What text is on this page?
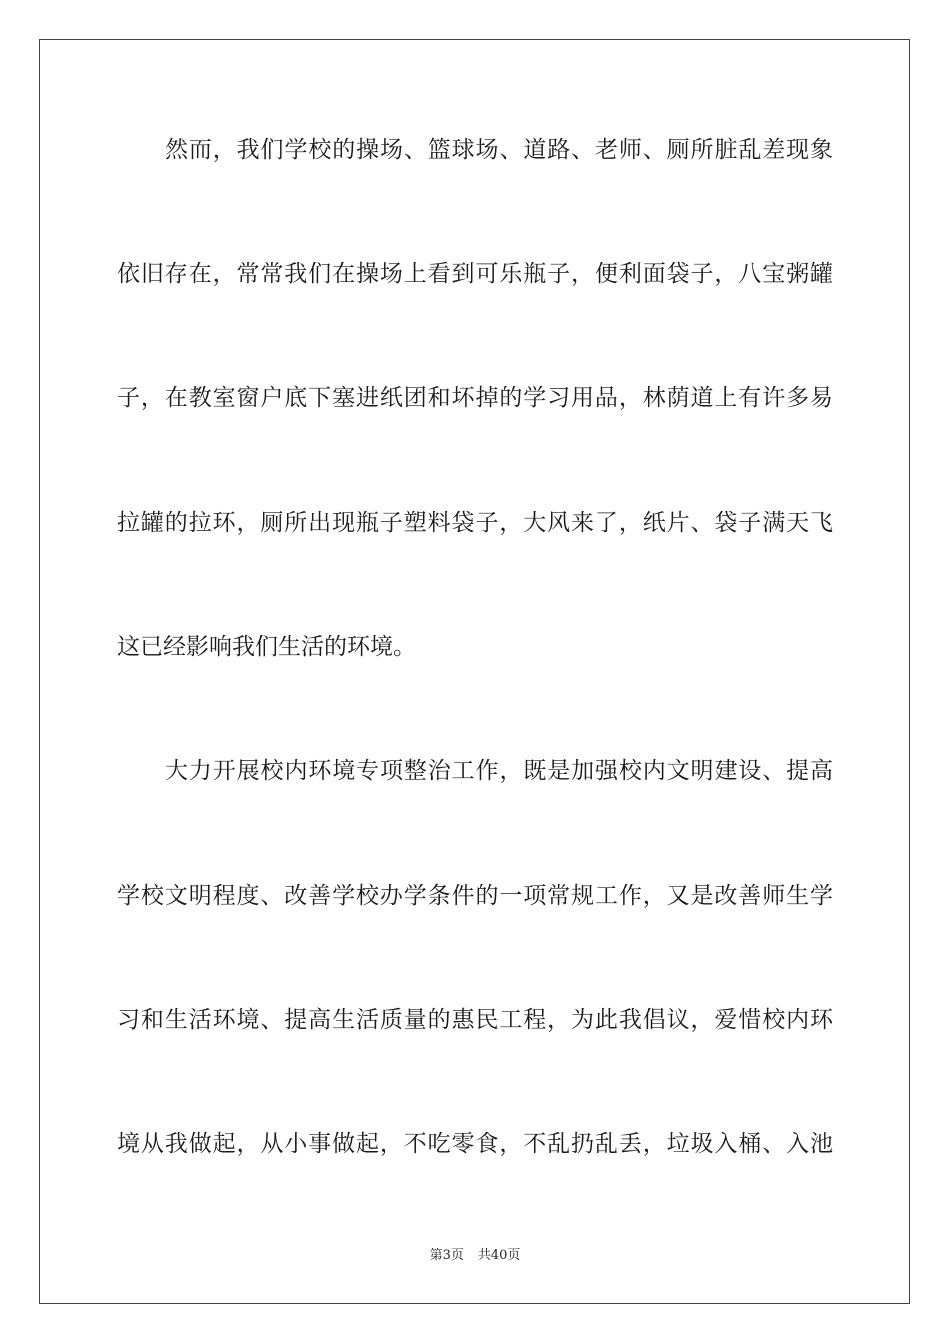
然而，我们学校的操场、篮球场、道路、老师、厕所脏乱差现象
依旧存在，常常我们在操场上看到可乐瓶子，便利面袋子，八宝粥罐
子，在教室窗户底下塞进纸团和坏掉的学习用品，林荫道上有许多易
拉罐的拉环，厕所出现瓶子塑料袋子，大风来了，纸片、袋子满天飞
这已经影响我们生活的环境。
大力开展校内环境专项整治工作，既是加强校内文明建设、提高
学校文明程度、改善学校办学条件的一项常规工作，又是改善师生学
习和生活环境、提高生活质量的惠民工程，为此我倡议，爱惜校内环
境从我做起，从小事做起，不吃零食，不乱扔乱丢，垃圾入桶、入池
第3页 共40页
